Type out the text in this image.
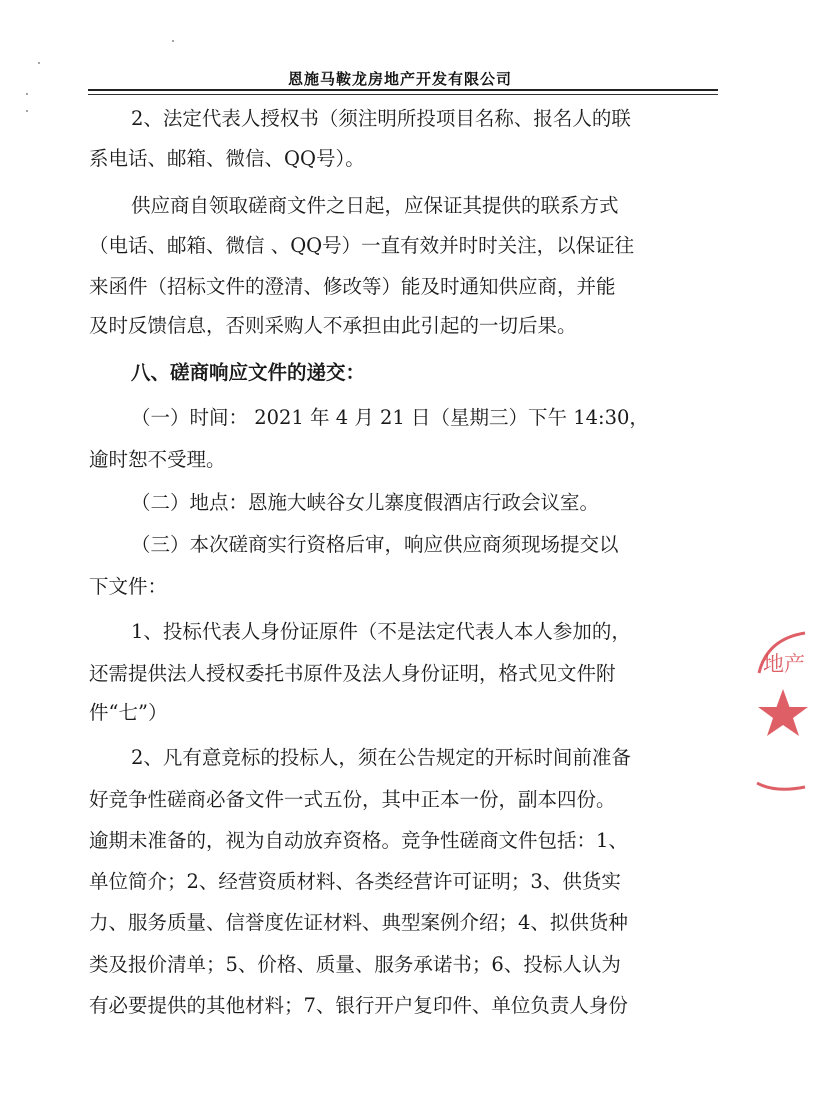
恩施马鞍龙房地产开发有限公司
2、法定代表人授权书（须注明所投项目名称、报名人的联
系电话、邮箱、微信、QQ号）。
供应商自领取磋商文件之日起，应保证其提供的联系方式
（电话、邮箱、微信 、QQ号）一直有效并时时关注，以保证往
来函件（招标文件的澄清、修改等）能及时通知供应商，并能
及时反馈信息，否则采购人不承担由此引起的一切后果。
八、磋商响应文件的递交：
（一）时间： 2021 年 4 月 21 日（星期三）下午 14:30，
逾时恕不受理。
（二）地点：恩施大峡谷女儿寨度假酒店行政会议室。
（三）本次磋商实行资格后审，响应供应商须现场提交以
下文件：
1、投标代表人身份证原件（不是法定代表人本人参加的，
还需提供法人授权委托书原件及法人身份证明，格式见文件附
件“七”）
2、凡有意竞标的投标人，须在公告规定的开标时间前准备
好竞争性磋商必备文件一式五份，其中正本一份，副本四份。
逾期未准备的，视为自动放弃资格。竞争性磋商文件包括：1、
单位简介；2、经营资质材料、各类经营许可证明；3、供货实
力、服务质量、信誉度佐证材料、典型案例介绍；4、拟供货种
类及报价清单；5、价格、质量、服务承诺书；6、投标人认为
有必要提供的其他材料；7、银行开户复印件、单位负责人身份
地产
